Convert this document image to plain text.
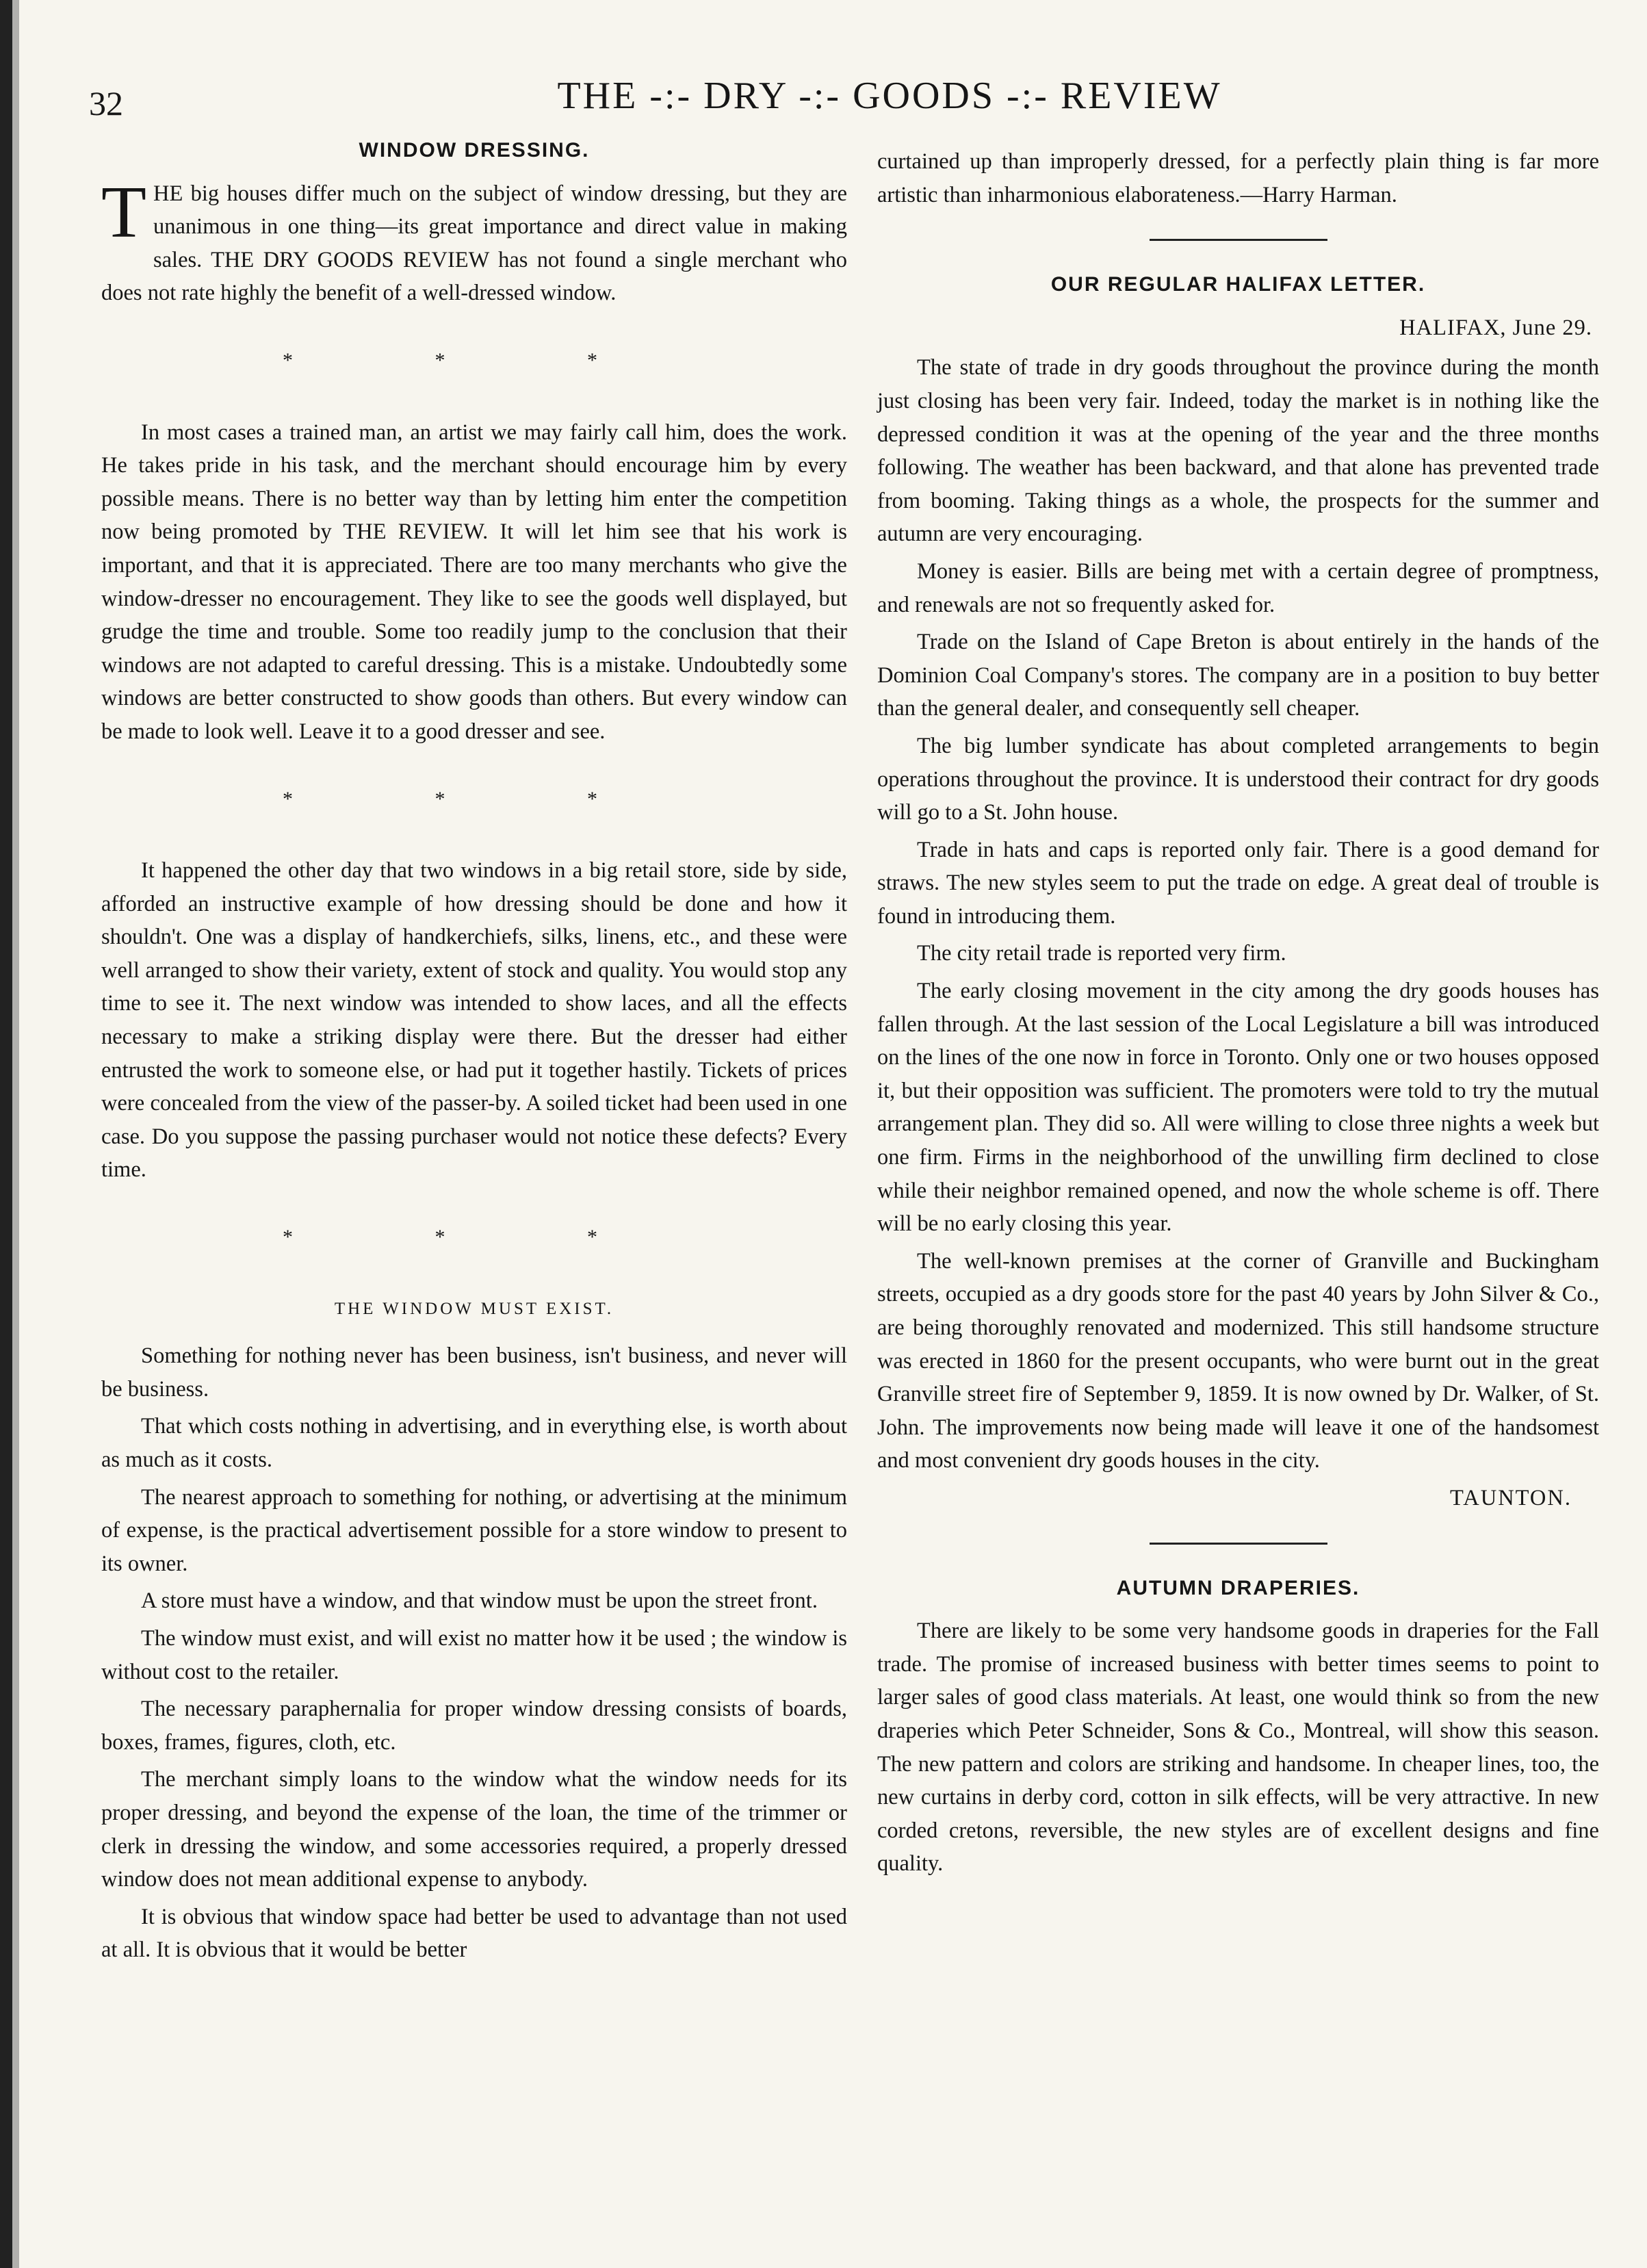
32	THE -:- DRY -:- GOODS -:- REVIEW
WINDOW DRESSING.

THE big houses differ much on the subject of window dressing, but they are unanimous in one thing—its great importance and direct value in making sales. THE DRY GOODS REVIEW has not found a single merchant who does not rate highly the benefit of a well-dressed window.

* * *

In most cases a trained man, an artist we may fairly call him, does the work. He takes pride in his task, and the merchant should encourage him by every possible means. There is no better way than by letting him enter the competition now being promoted by THE REVIEW. It will let him see that his work is important, and that it is appreciated. There are too many merchants who give the window-dresser no encouragement. They like to see the goods well displayed, but grudge the time and trouble. Some too readily jump to the conclusion that their windows are not adapted to careful dressing. This is a mistake. Undoubtedly some windows are better constructed to show goods than others. But every window can be made to look well. Leave it to a good dresser and see.

* * *

It happened the other day that two windows in a big retail store, side by side, afforded an instructive example of how dressing should be done and how it shouldn't. One was a display of handkerchiefs, silks, linens, etc., and these were well arranged to show their variety, extent of stock and quality. You would stop any time to see it. The next window was intended to show laces, and all the effects necessary to make a striking display were there. But the dresser had either entrusted the work to someone else, or had put it together hastily. Tickets of prices were concealed from the view of the passer-by. A soiled ticket had been used in one case. Do you suppose the passing purchaser would not notice these defects? Every time.

* * *
THE WINDOW MUST EXIST.

Something for nothing never has been business, isn't business, and never will be business.

That which costs nothing in advertising, and in everything else, is worth about as much as it costs.

The nearest approach to something for nothing, or advertising at the minimum of expense, is the practical advertisement possible for a store window to present to its owner.

A store must have a window, and that window must be upon the street front.

The window must exist, and will exist no matter how it be used ; the window is without cost to the retailer.

The necessary paraphernalia for proper window dressing consists of boards, boxes, frames, figures, cloth, etc.

The merchant simply loans to the window what the window needs for its proper dressing, and beyond the expense of the loan, the time of the trimmer or clerk in dressing the window, and some accessories required, a properly dressed window does not mean additional expense to anybody.

It is obvious that window space had better be used to advantage than not used at all. It is obvious that it would be better

curtained up than improperly dressed, for a perfectly plain thing is far more artistic than inharmonious elaborateness.—Harry Harman.

OUR REGULAR HALIFAX LETTER.
HALIFAX, June 29.

The state of trade in dry goods throughout the province during the month just closing has been very fair. Indeed, today the market is in nothing like the depressed condition it was at the opening of the year and the three months following. The weather has been backward, and that alone has prevented trade from booming. Taking things as a whole, the prospects for the summer and autumn are very encouraging.

Money is easier. Bills are being met with a certain degree of promptness, and renewals are not so frequently asked for.

Trade on the Island of Cape Breton is about entirely in the hands of the Dominion Coal Company's stores. The company are in a position to buy better than the general dealer, and consequently sell cheaper.

The big lumber syndicate has about completed arrangements to begin operations throughout the province. It is understood their contract for dry goods will go to a St. John house.

Trade in hats and caps is reported only fair. There is a good demand for straws. The new styles seem to put the trade on edge. A great deal of trouble is found in introducing them.

The city retail trade is reported very firm.

The early closing movement in the city among the dry goods houses has fallen through. At the last session of the Local Legislature a bill was introduced on the lines of the one now in force in Toronto. Only one or two houses opposed it, but their opposition was sufficient. The promoters were told to try the mutual arrangement plan. They did so. All were willing to close three nights a week but one firm. Firms in the neighborhood of the unwilling firm declined to close while their neighbor remained opened, and now the whole scheme is off. There will be no early closing this year.

The well-known premises at the corner of Granville and Buckingham streets, occupied as a dry goods store for the past 40 years by John Silver & Co., are being thoroughly renovated and modernized. This still handsome structure was erected in 1860 for the present occupants, who were burnt out in the great Granville street fire of September 9, 1859. It is now owned by Dr. Walker, of St. John. The improvements now being made will leave it one of the handsomest and most convenient dry goods houses in the city.

TAUNTON.
AUTUMN DRAPERIES.

There are likely to be some very handsome goods in draperies for the Fall trade. The promise of increased business with better times seems to point to larger sales of good class materials. At least, one would think so from the new draperies which Peter Schneider, Sons & Co., Montreal, will show this season. The new pattern and colors are striking and handsome. In cheaper lines, too, the new curtains in derby cord, cotton in silk effects, will be very attractive. In new corded cretons, reversible, the new styles are of excellent designs and fine quality.
